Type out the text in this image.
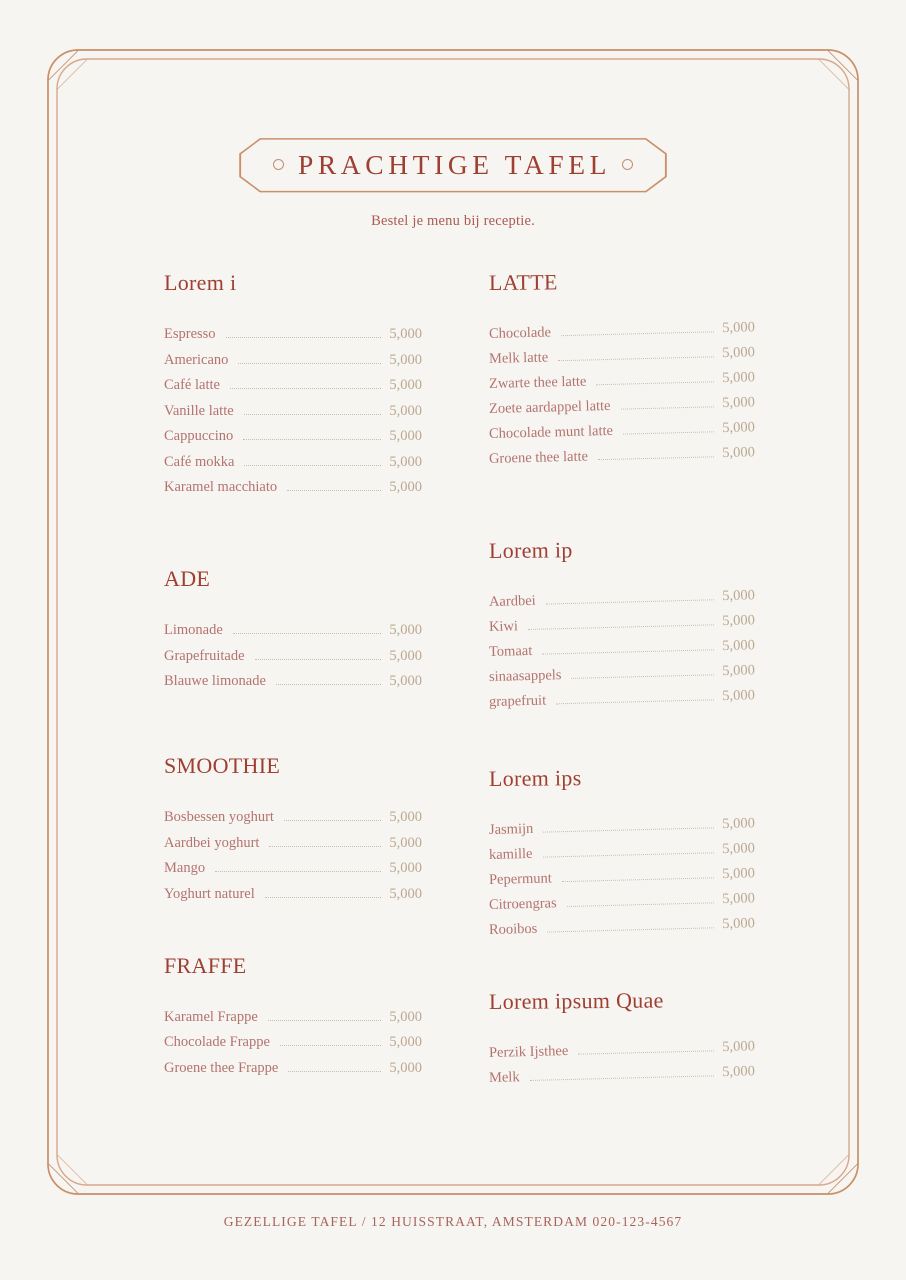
PRACHTIGE TAFEL
Bestel je menu bij receptie.
Lorem i
Espresso	5,000
Americano	5,000
Café latte	5,000
Vanille latte	5,000
Cappuccino	5,000
Café mokka	5,000
Karamel macchiato	5,000
ADE
Limonade	5,000
Grapefruitade	5,000
Blauwe limonade	5,000
SMOOTHIE
Bosbessen yoghurt	5,000
Aardbei yoghurt	5,000
Mango	5,000
Yoghurt naturel	5,000
FRAFFE
Karamel Frappe	5,000
Chocolade Frappe	5,000
Groene thee Frappe	5,000
LATTE
Chocolade	5,000
Melk latte	5,000
Zwarte thee latte	5,000
Zoete aardappel latte	5,000
Chocolade munt latte	5,000
Groene thee latte	5,000
Lorem ip
Aardbei	5,000
Kiwi	5,000
Tomaat	5,000
sinaasappels	5,000
grapefruit	5,000
Lorem ips
Jasmijn	5,000
kamille	5,000
Pepermunt	5,000
Citroengras	5,000
Rooibos	5,000
Lorem ipsum Quae
Perzik Ijsthee	5,000
Melk	5,000
GEZELLIGE TAFEL / 12 HUISSTRAAT, AMSTERDAM 020-123-4567
